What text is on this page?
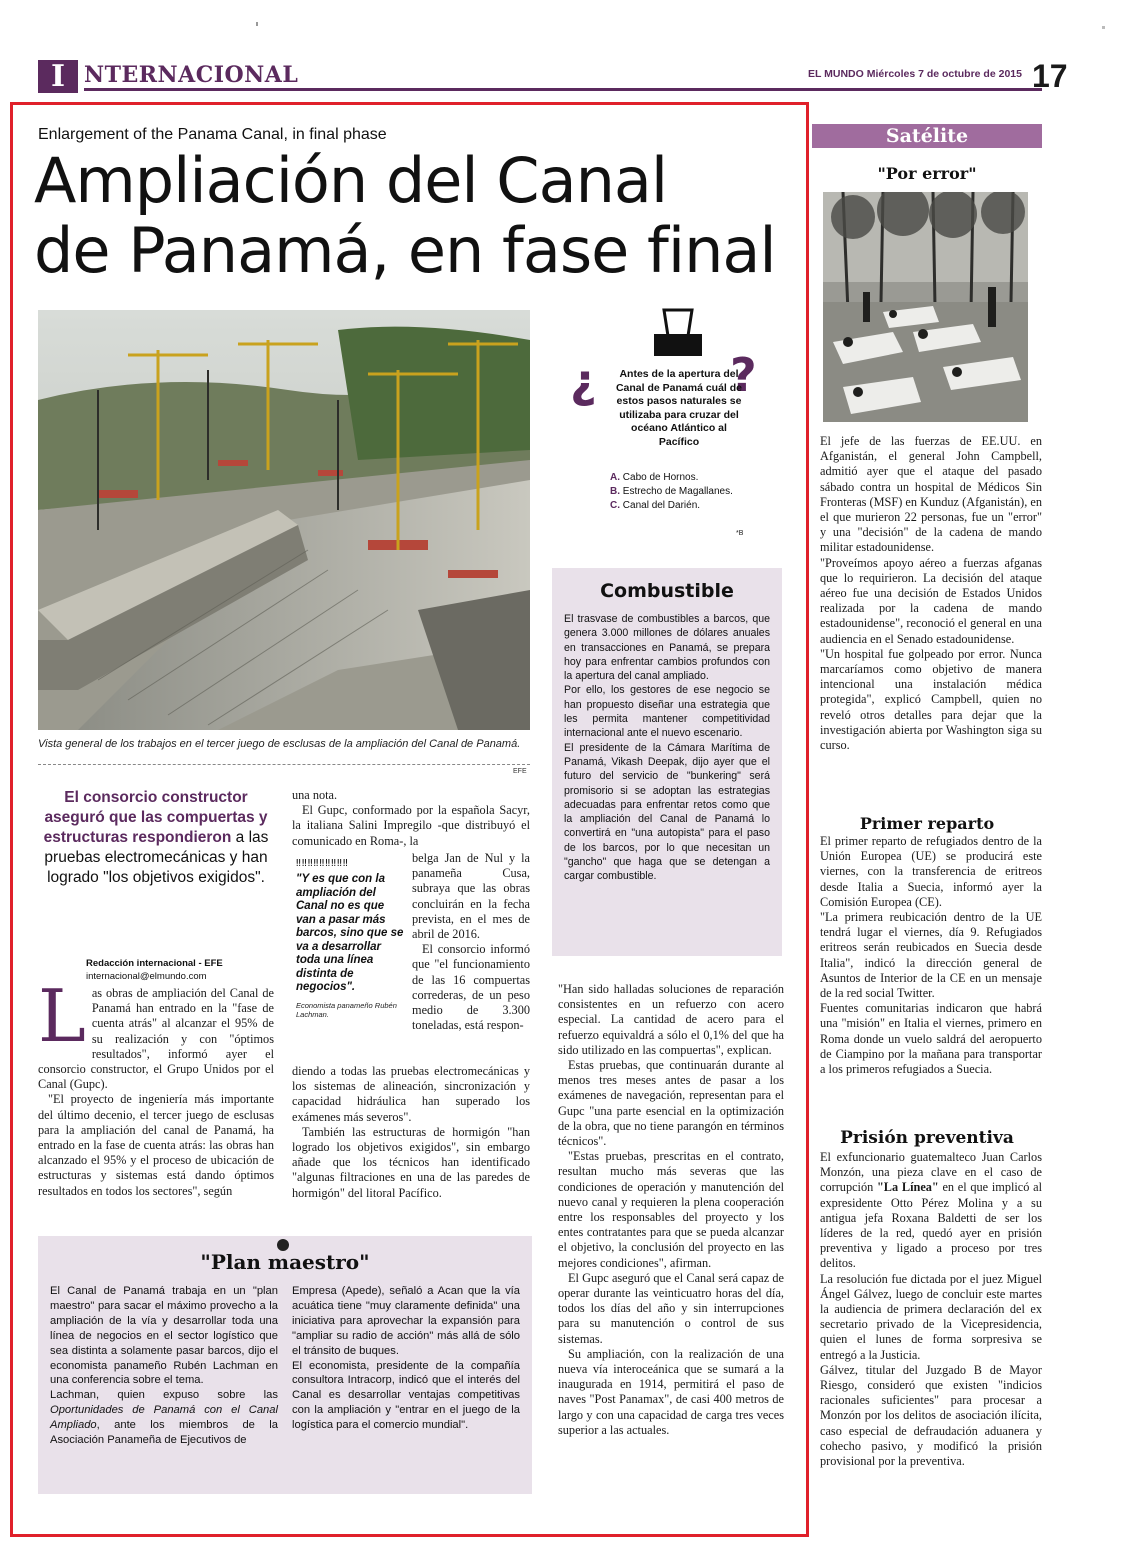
I NTERNACIONAL	EL MUNDO Miércoles 7 de octubre de 2015 17
Enlargement of the Panama Canal, in final phase
Ampliación del Canal
de Panamá, en fase final
Vista general de los trabajos en el tercer juego de esclusas de la ampliación del Canal de Panamá.
EFE
¿	?
Antes de la apertura del Canal de Panamá cuál de estos pasos naturales se utilizaba para cruzar del océano Atlántico al Pacífico
A. Cabo de Hornos.
B. Estrecho de Magallanes.
C. Canal del Darién.
*B
Combustible

El trasvase de combustibles a barcos, que genera 3.000 millones de dólares anuales en transacciones en Panamá, se prepara hoy para enfrentar cambios profundos con la apertura del canal ampliado.

Por ello, los gestores de ese negocio se han propuesto diseñar una estrategia que les permita mantener competitividad internacional ante el nuevo escenario.

El presidente de la Cámara Marítima de Panamá, Vikash Deepak, dijo ayer que el futuro del servicio de "bunkering" será promisorio si se adoptan las estrategias adecuadas para enfrentar retos como que la ampliación del Canal de Panamá lo convertirá en "una autopista" para el paso de los barcos, por lo que necesitan un "gancho" que haga que se detengan a cargar combustible.

El consorcio constructor aseguró que las compuertas y estructuras respondieron a las pruebas electromecánicas y han logrado "los objetivos exigidos".
Redacción internacional - EFE
internacional@elmundo.com
L as obras de ampliación del Canal de Panamá han entrado en la "fase de cuenta atrás" al alcanzar el 95% de su realización y con "óptimos resultados", informó ayer el consorcio constructor, el Grupo Unidos por el Canal (Gupc).

"El proyecto de ingeniería más importante del último decenio, el tercer juego de esclusas para la ampliación del canal de Panamá, ha entrado en la fase de cuenta atrás: las obras han alcanzado el 95% y el proceso de ubicación de estructuras y sistemas está dando óptimos resultados en todos los sectores", según

una nota.

El Gupc, conformado por la española Sacyr, la italiana Salini Impregilo -que distribuyó el comunicado en Roma-, la

belga Jan de Nul y la panameña Cusa, subraya que las obras concluirán en la fecha prevista, en el mes de abril de 2016.

El consorcio informó que "el funcionamiento de las 16 compuertas correderas, de un peso medio de 3.300 toneladas, está respon-

diendo a todas las pruebas electromecánicas y los sistemas de alineación, sincronización y capacidad hidráulica han superado los exámenes más severos".

También las estructuras de hormigón "han logrado los objetivos exigidos", sin embargo añade que los técnicos han identificado "algunas filtraciones en una de las paredes de hormigón" del litoral Pacífico.

‼‼‼‼‼‼‼‼‼
"Y es que con la ampliación del Canal no es que van a pasar más barcos, sino que se va a desarrollar toda una línea distinta de negocios".
Economista panameño Rubén Lachman.

"Han sido halladas soluciones de reparación consistentes en un refuerzo con acero especial. La cantidad de acero para el refuerzo equivaldrá a sólo el 0,1% del que ha sido utilizado en las compuertas", explican.

Estas pruebas, que continuarán durante al menos tres meses antes de pasar a los exámenes de navegación, representan para el Gupc "una parte esencial en la optimización de la obra, que no tiene parangón en términos técnicos".

"Estas pruebas, prescritas en el contrato, resultan mucho más severas que las condiciones de operación y manutención del nuevo canal y requieren la plena cooperación entre los responsables del proyecto y los entes contratantes para que se pueda alcanzar el objetivo, la conclusión del proyecto en las mejores condiciones", afirman.

El Gupc aseguró que el Canal será capaz de operar durante las veinticuatro horas del día, todos los días del año y sin interrupciones para su manutención o control de sus sistemas.

Su ampliación, con la realización de una nueva vía interoceánica que se sumará a la inaugurada en 1914, permitirá el paso de naves "Post Panamax", de casi 400 metros de largo y con una capacidad de carga tres veces superior a las actuales.

"Plan maestro"

El Canal de Panamá trabaja en un "plan maestro" para sacar el máximo provecho a la ampliación de la vía y desarrollar toda una línea de negocios en el sector logístico que sea distinta a solamente pasar barcos, dijo el economista panameño Rubén Lachman en una conferencia sobre el tema.

Lachman, quien expuso sobre las Oportunidades de Panamá con el Canal Ampliado, ante los miembros de la Asociación Panameña de Ejecutivos de

Empresa (Apede), señaló a Acan que la vía acuática tiene "muy claramente definida" una iniciativa para aprovechar la expansión para "ampliar su radio de acción" más allá de sólo el tránsito de buques.

El economista, presidente de la compañía consultora Intracorp, indicó que el interés del Canal es desarrollar ventajas competitivas con la ampliación y "entrar en el juego de la logística para el comercio mundial".

Satélite
"Por error"

El jefe de las fuerzas de EE.UU. en Afganistán, el general John Campbell, admitió ayer que el ataque del pasado sábado contra un hospital de Médicos Sin Fronteras (MSF) en Kunduz (Afganistán), en el que murieron 22 personas, fue un "error" y una "decisión" de la cadena de mando militar estadounidense.

"Proveímos apoyo aéreo a fuerzas afganas que lo requirieron. La decisión del ataque aéreo fue una decisión de Estados Unidos realizada por la cadena de mando estadounidense", reconoció el general en una audiencia en el Senado estadounidense.

"Un hospital fue golpeado por error. Nunca marcaríamos como objetivo de manera intencional una instalación médica protegida", explicó Campbell, quien no reveló otros detalles para dejar que la investigación abierta por Washington siga su curso.

Primer reparto

El primer reparto de refugiados dentro de la Unión Europea (UE) se producirá este viernes, con la transferencia de eritreos desde Italia a Suecia, informó ayer la Comisión Europea (CE).

"La primera reubicación dentro de la UE tendrá lugar el viernes, día 9. Refugiados eritreos serán reubicados en Suecia desde Italia", indicó la dirección general de Asuntos de Interior de la CE en un mensaje de la red social Twitter.

Fuentes comunitarias indicaron que habrá una "misión" en Italia el viernes, primero en Roma donde un vuelo saldrá del aeropuerto de Ciampino por la mañana para transportar a los primeros refugiados a Suecia.

Prisión preventiva

El exfuncionario guatemalteco Juan Carlos Monzón, una pieza clave en el caso de corrupción "La Línea" en el que implicó al expresidente Otto Pérez Molina y a su antigua jefa Roxana Baldetti de ser los líderes de la red, quedó ayer en prisión preventiva y ligado a proceso por tres delitos.

La resolución fue dictada por el juez Miguel Ángel Gálvez, luego de concluir este martes la audiencia de primera declaración del ex secretario privado de la Vicepresidencia, quien el lunes de forma sorpresiva se entregó a la Justicia.

Gálvez, titular del Juzgado B de Mayor Riesgo, consideró que existen "indicios racionales suficientes" para procesar a Monzón por los delitos de asociación ilícita, caso especial de defraudación aduanera y cohecho pasivo, y modificó la prisión provisional por la preventiva.
